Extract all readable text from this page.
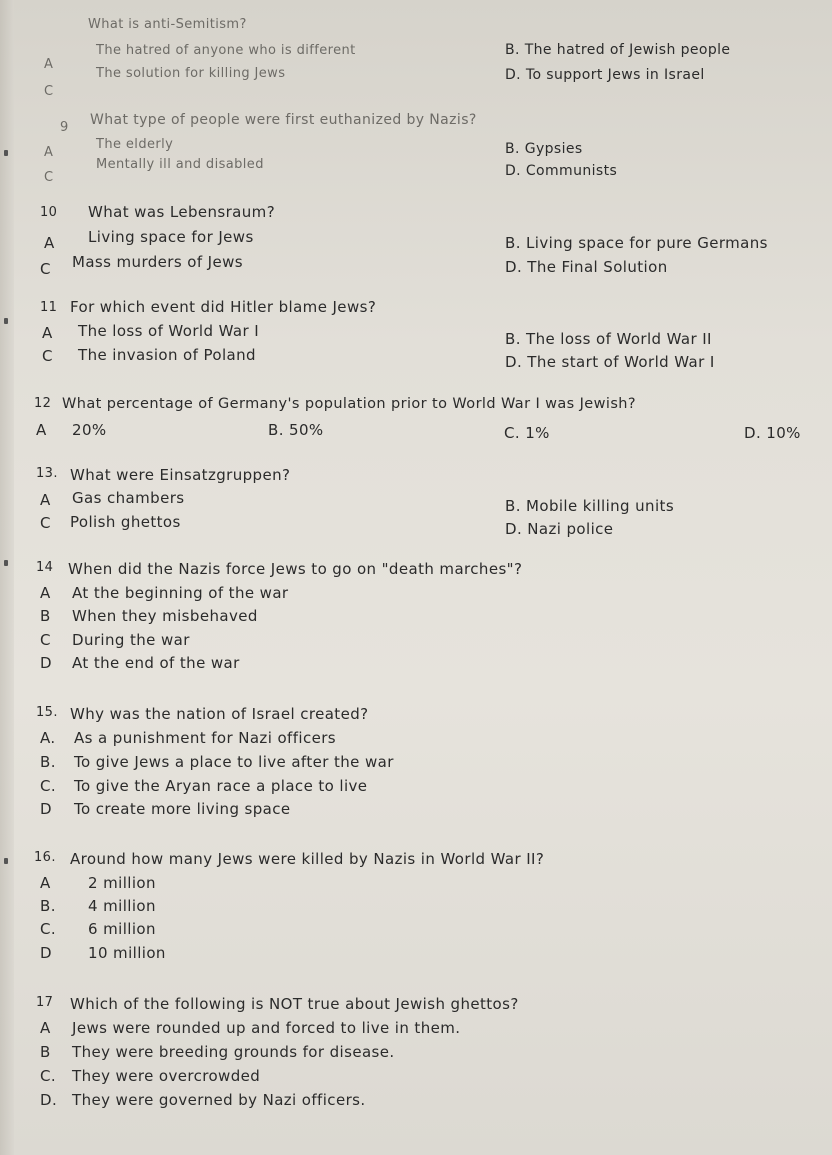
What is anti-Semitism?
A
The hatred of anyone who is different	B. The hatred of Jewish people
C
The solution for killing Jews	D. To support Jews in Israel
9 What type of people were first euthanized by Nazis?
A
The elderly	B. Gypsies
C
Mentally ill and disabled	D. Communists
10 What was Lebensraum?
A Living space for Jews	B. Living space for pure Germans
C Mass murders of Jews	D. The Final Solution
11 For which event did Hitler blame Jews?
A The loss of World War I	B. The loss of World War II
C The invasion of Poland	D. The start of World War I
12 What percentage of Germany's population prior to World War I was Jewish?
A 20%	B. 50%	C. 1%	D. 10%
13. What were Einsatzgruppen?
A Gas chambers	B. Mobile killing units
C Polish ghettos	D. Nazi police
14 When did the Nazis force Jews to go on "death marches"?
A At the beginning of the war
B When they misbehaved
C During the war
D At the end of the war
15. Why was the nation of Israel created?
A. As a punishment for Nazi officers
B. To give Jews a place to live after the war
C. To give the Aryan race a place to live
D To create more living space
16. Around how many Jews were killed by Nazis in World War II?
A 2 million
B. 4 million
C. 6 million
D 10 million
17 Which of the following is NOT true about Jewish ghettos?
A Jews were rounded up and forced to live in them.
B They were breeding grounds for disease.
C. They were overcrowded
D. They were governed by Nazi officers.
